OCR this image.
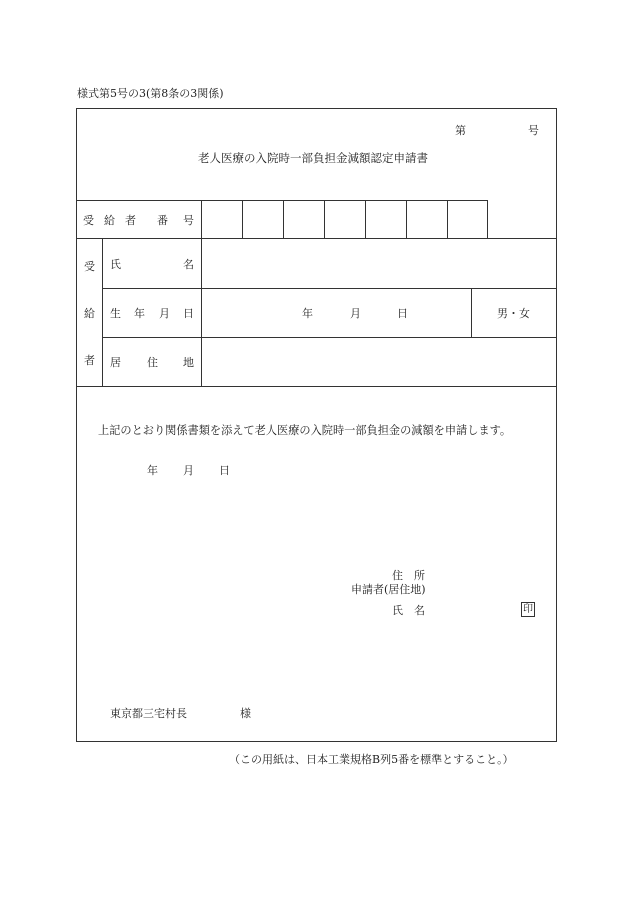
様式第5号の3(第8条の3関係)
第	号
老人医療の入院時一部負担金減額認定申請書
受 給 者 番 号
受
給
者
氏	名
生 年 月 日	年	月	日	男・女
居 住 地
上記のとおり関係書類を添えて老人医療の入院時一部負担金の減額を申請します。
年 月 日
住　所
申請者(居住地)
氏　名	印
東京都三宅村長	様
（この用紙は、日本工業規格B列5番を標準とすること。）
